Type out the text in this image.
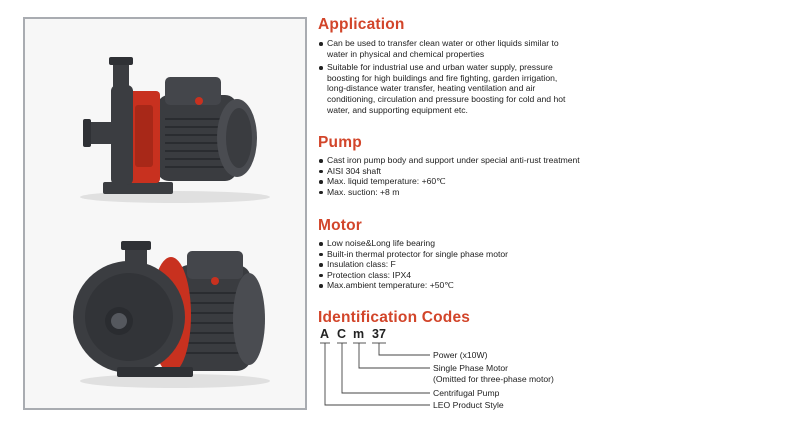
Application
Can be used to transfer clean water or other liquids similar to
water in physical and chemical properties
Suitable for industrial use and urban water supply, pressure
boosting for high buildings and fire fighting, garden irrigation,
long-distance water transfer, heating ventilation and air
conditioning, circulation and pressure boosting for cold and hot
water, and supporting equipment etc.
Pump
Cast iron pump body and support under special anti-rust treatment
AISI 304 shaft
Max. liquid temperature: +60℃
Max. suction: +8 m
Motor
Low noise&Long life bearing
Built-in thermal protector for single phase motor
Insulation class: F
Protection class: IPX4
Max.ambient temperature: +50℃
Identification Codes
A C m 37
Power (x10W)
Single Phase Motor
(Omitted for three-phase motor)
Centrifugal Pump
LEO Product Style
